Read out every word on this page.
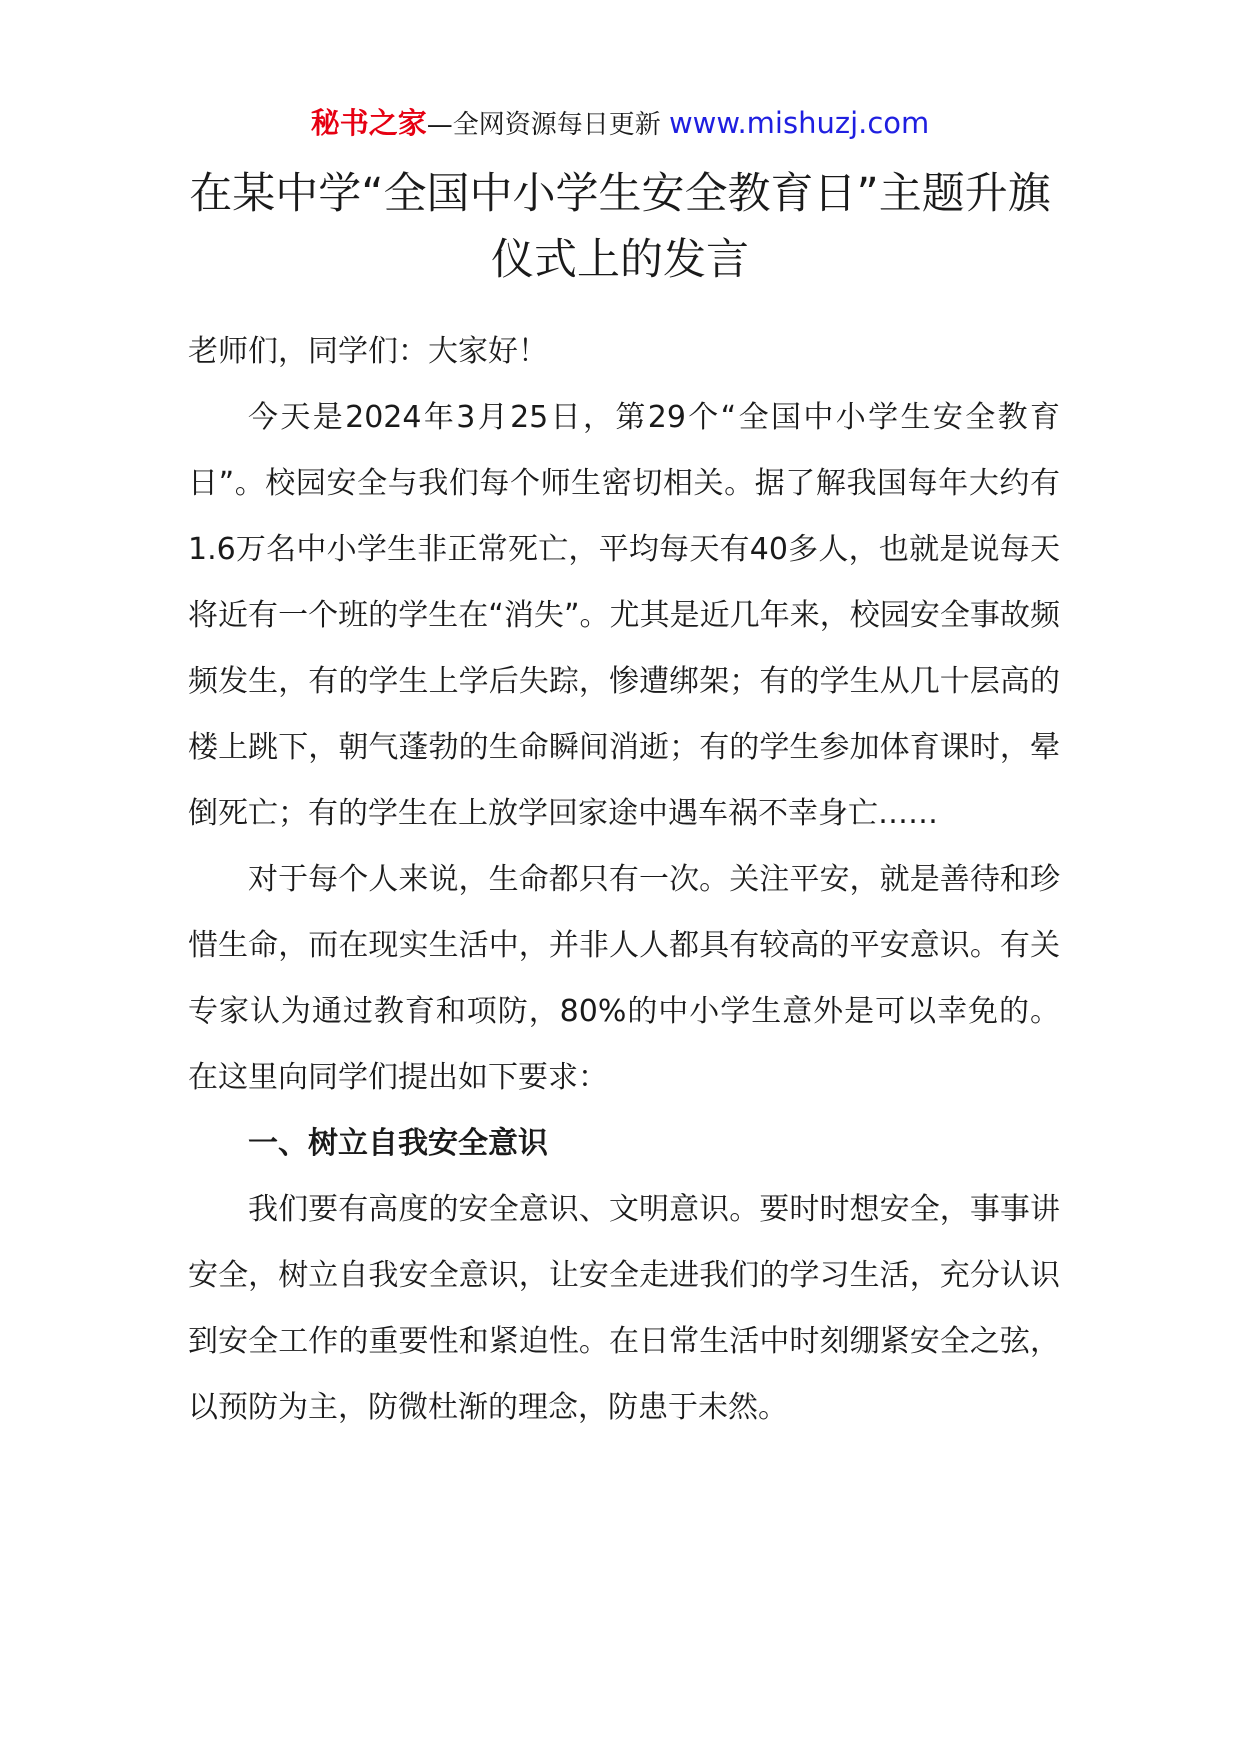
秘书之家—全网资源每日更新 www.mishuzj.com
在某中学“全国中小学生安全教育日”主题升旗仪式上的发言

老师们，同学们：大家好！

今天是2024年3月25日，第29个“全国中小学生安全教育日”。校园安全与我们每个师生密切相关。据了解我国每年大约有1.6万名中小学生非正常死亡，平均每天有40多人，也就是说每天将近有一个班的学生在“消失”。尤其是近几年来，校园安全事故频频发生，有的学生上学后失踪，惨遭绑架；有的学生从几十层高的楼上跳下，朝气蓬勃的生命瞬间消逝；有的学生参加体育课时，晕倒死亡；有的学生在上放学回家途中遇车祸不幸身亡……

对于每个人来说，生命都只有一次。关注平安，就是善待和珍惜生命，而在现实生活中，并非人人都具有较高的平安意识。有关专家认为通过教育和项防，80%的中小学生意外是可以幸免的。在这里向同学们提出如下要求：

一、树立自我安全意识

我们要有高度的安全意识、文明意识。要时时想安全，事事讲安全，树立自我安全意识，让安全走进我们的学习生活，充分认识到安全工作的重要性和紧迫性。在日常生活中时刻绷紧安全之弦，以预防为主，防微杜渐的理念，防患于未然。
